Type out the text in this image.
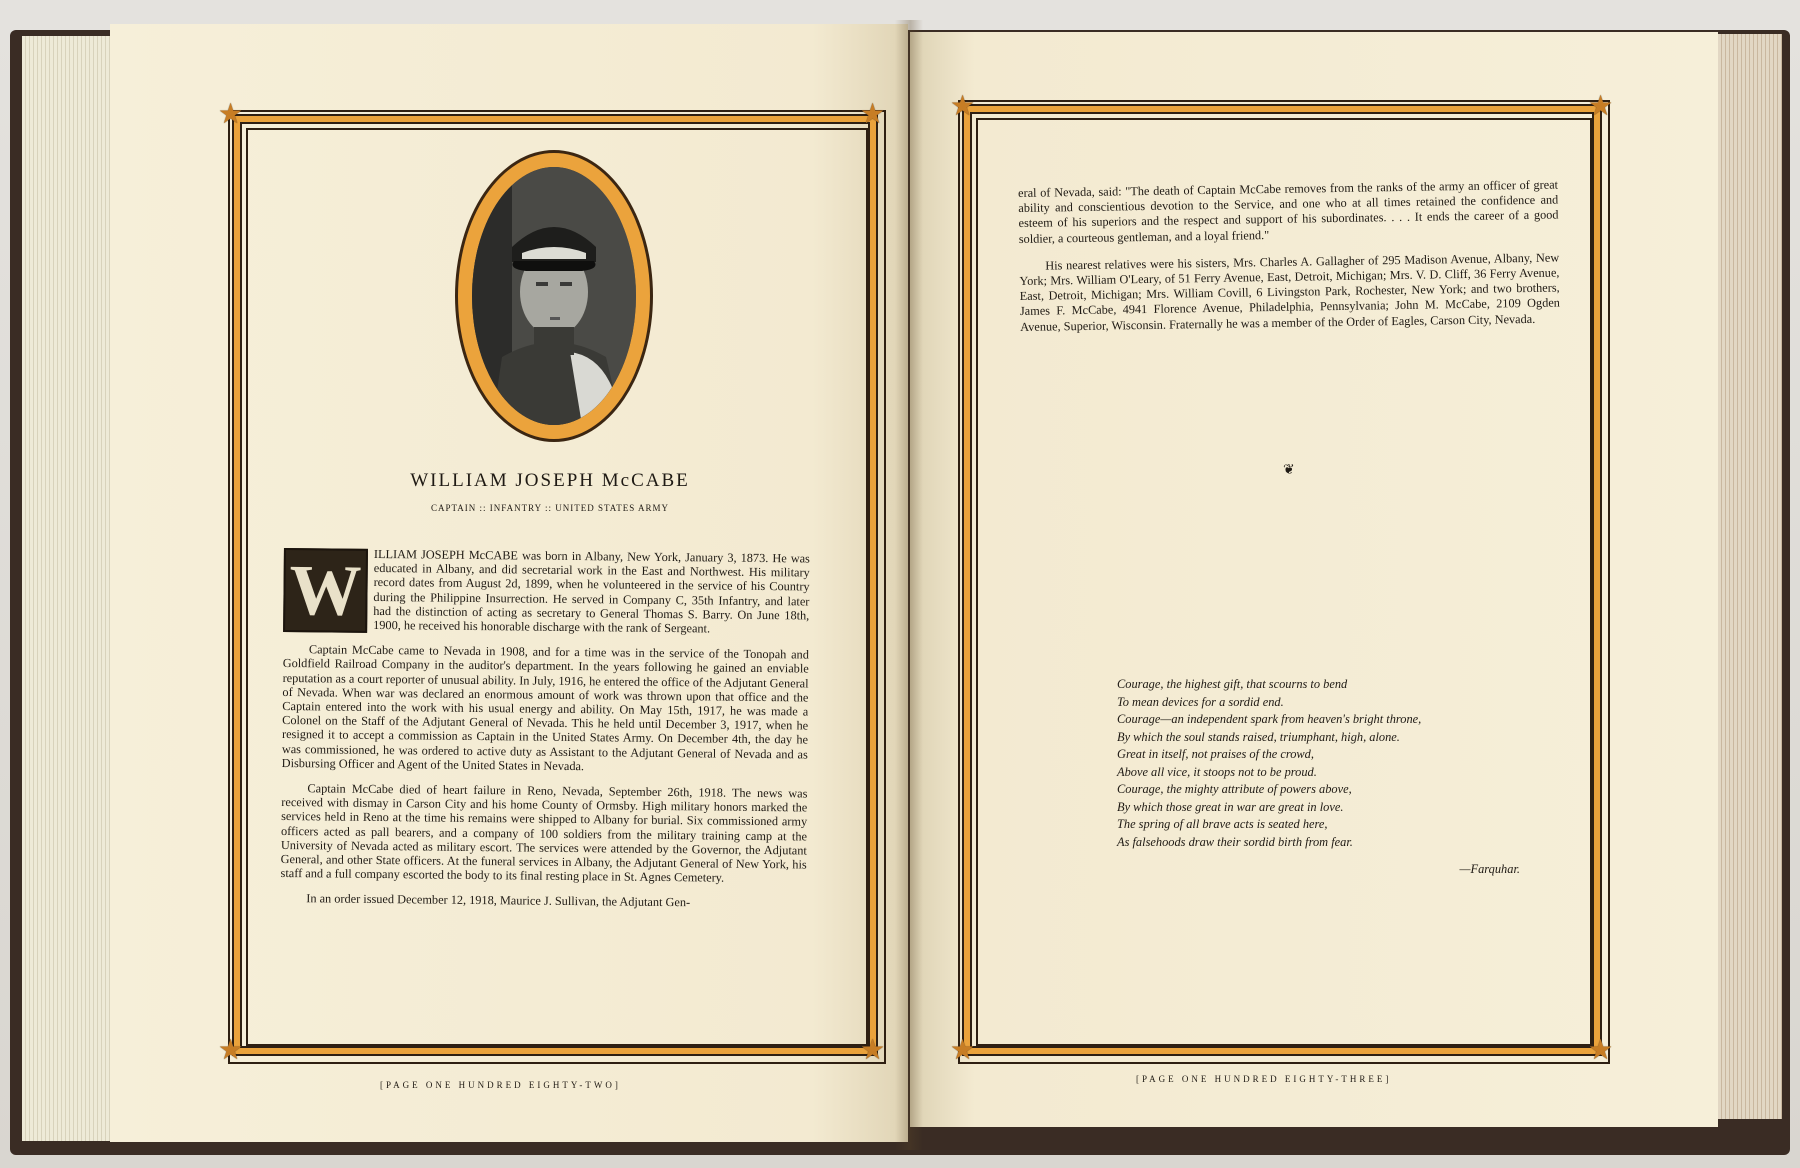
★	★
★	★
★	★
★	★
WILLIAM JOSEPH McCABE
CAPTAIN :: INFANTRY :: UNITED STATES ARMY

W ILLIAM JOSEPH McCABE was born in Albany, New York, January 3, 1873. He was educated in Albany, and did secretarial work in the East and Northwest. His military record dates from August 2d, 1899, when he volunteered in the service of his Country during the Philippine Insurrection. He served in Company C, 35th Infantry, and later had the distinction of acting as secretary to General Thomas S. Barry. On June 18th, 1900, he received his honorable discharge with the rank of Sergeant.

Captain McCabe came to Nevada in 1908, and for a time was in the service of the Tonopah and Goldfield Railroad Company in the auditor's department. In the years following he gained an enviable reputation as a court reporter of unusual ability. In July, 1916, he entered the office of the Adjutant General of Nevada. When war was declared an enormous amount of work was thrown upon that office and the Captain entered into the work with his usual energy and ability. On May 15th, 1917, he was made a Colonel on the Staff of the Adjutant General of Nevada. This he held until December 3, 1917, when he resigned it to accept a commission as Captain in the United States Army. On December 4th, the day he was commissioned, he was ordered to active duty as Assistant to the Adjutant General of Nevada and as Disbursing Officer and Agent of the United States in Nevada.

Captain McCabe died of heart failure in Reno, Nevada, September 26th, 1918. The news was received with dismay in Carson City and his home County of Ormsby. High military honors marked the services held in Reno at the time his remains were shipped to Albany for burial. Six commissioned army officers acted as pall bearers, and a company of 100 soldiers from the military training camp at the University of Nevada acted as military escort. The services were attended by the Governor, the Adjutant General, and other State officers. At the funeral services in Albany, the Adjutant General of New York, his staff and a full company escorted the body to its final resting place in St. Agnes Cemetery.

In an order issued December 12, 1918, Maurice J. Sullivan, the Adjutant Gen-

eral of Nevada, said: "The death of Captain McCabe removes from the ranks of the army an officer of great ability and conscientious devotion to the Service, and one who at all times retained the confidence and esteem of his superiors and the respect and support of his subordinates. . . . It ends the career of a good soldier, a courteous gentleman, and a loyal friend."

His nearest relatives were his sisters, Mrs. Charles A. Gallagher of 295 Madison Avenue, Albany, New York; Mrs. William O'Leary, of 51 Ferry Avenue, East, Detroit, Michigan; Mrs. V. D. Cliff, 36 Ferry Avenue, East, Detroit, Michigan; Mrs. William Covill, 6 Livingston Park, Rochester, New York; and two brothers, James F. McCabe, 4941 Florence Avenue, Philadelphia, Pennsylvania; John M. McCabe, 2109 Ogden Avenue, Superior, Wisconsin. Fraternally he was a member of the Order of Eagles, Carson City, Nevada.

❦
Courage, the highest gift, that scourns to bend
To mean devices for a sordid end.
Courage—an independent spark from heaven's bright throne,
By which the soul stands raised, triumphant, high, alone.
Great in itself, not praises of the crowd,
Above all vice, it stoops not to be proud.
Courage, the mighty attribute of powers above,
By which those great in war are great in love.
The spring of all brave acts is seated here,
As falsehoods draw their sordid birth from fear.
—Farquhar.
[PAGE ONE HUNDRED EIGHTY-TWO]
[PAGE ONE HUNDRED EIGHTY-THREE]
